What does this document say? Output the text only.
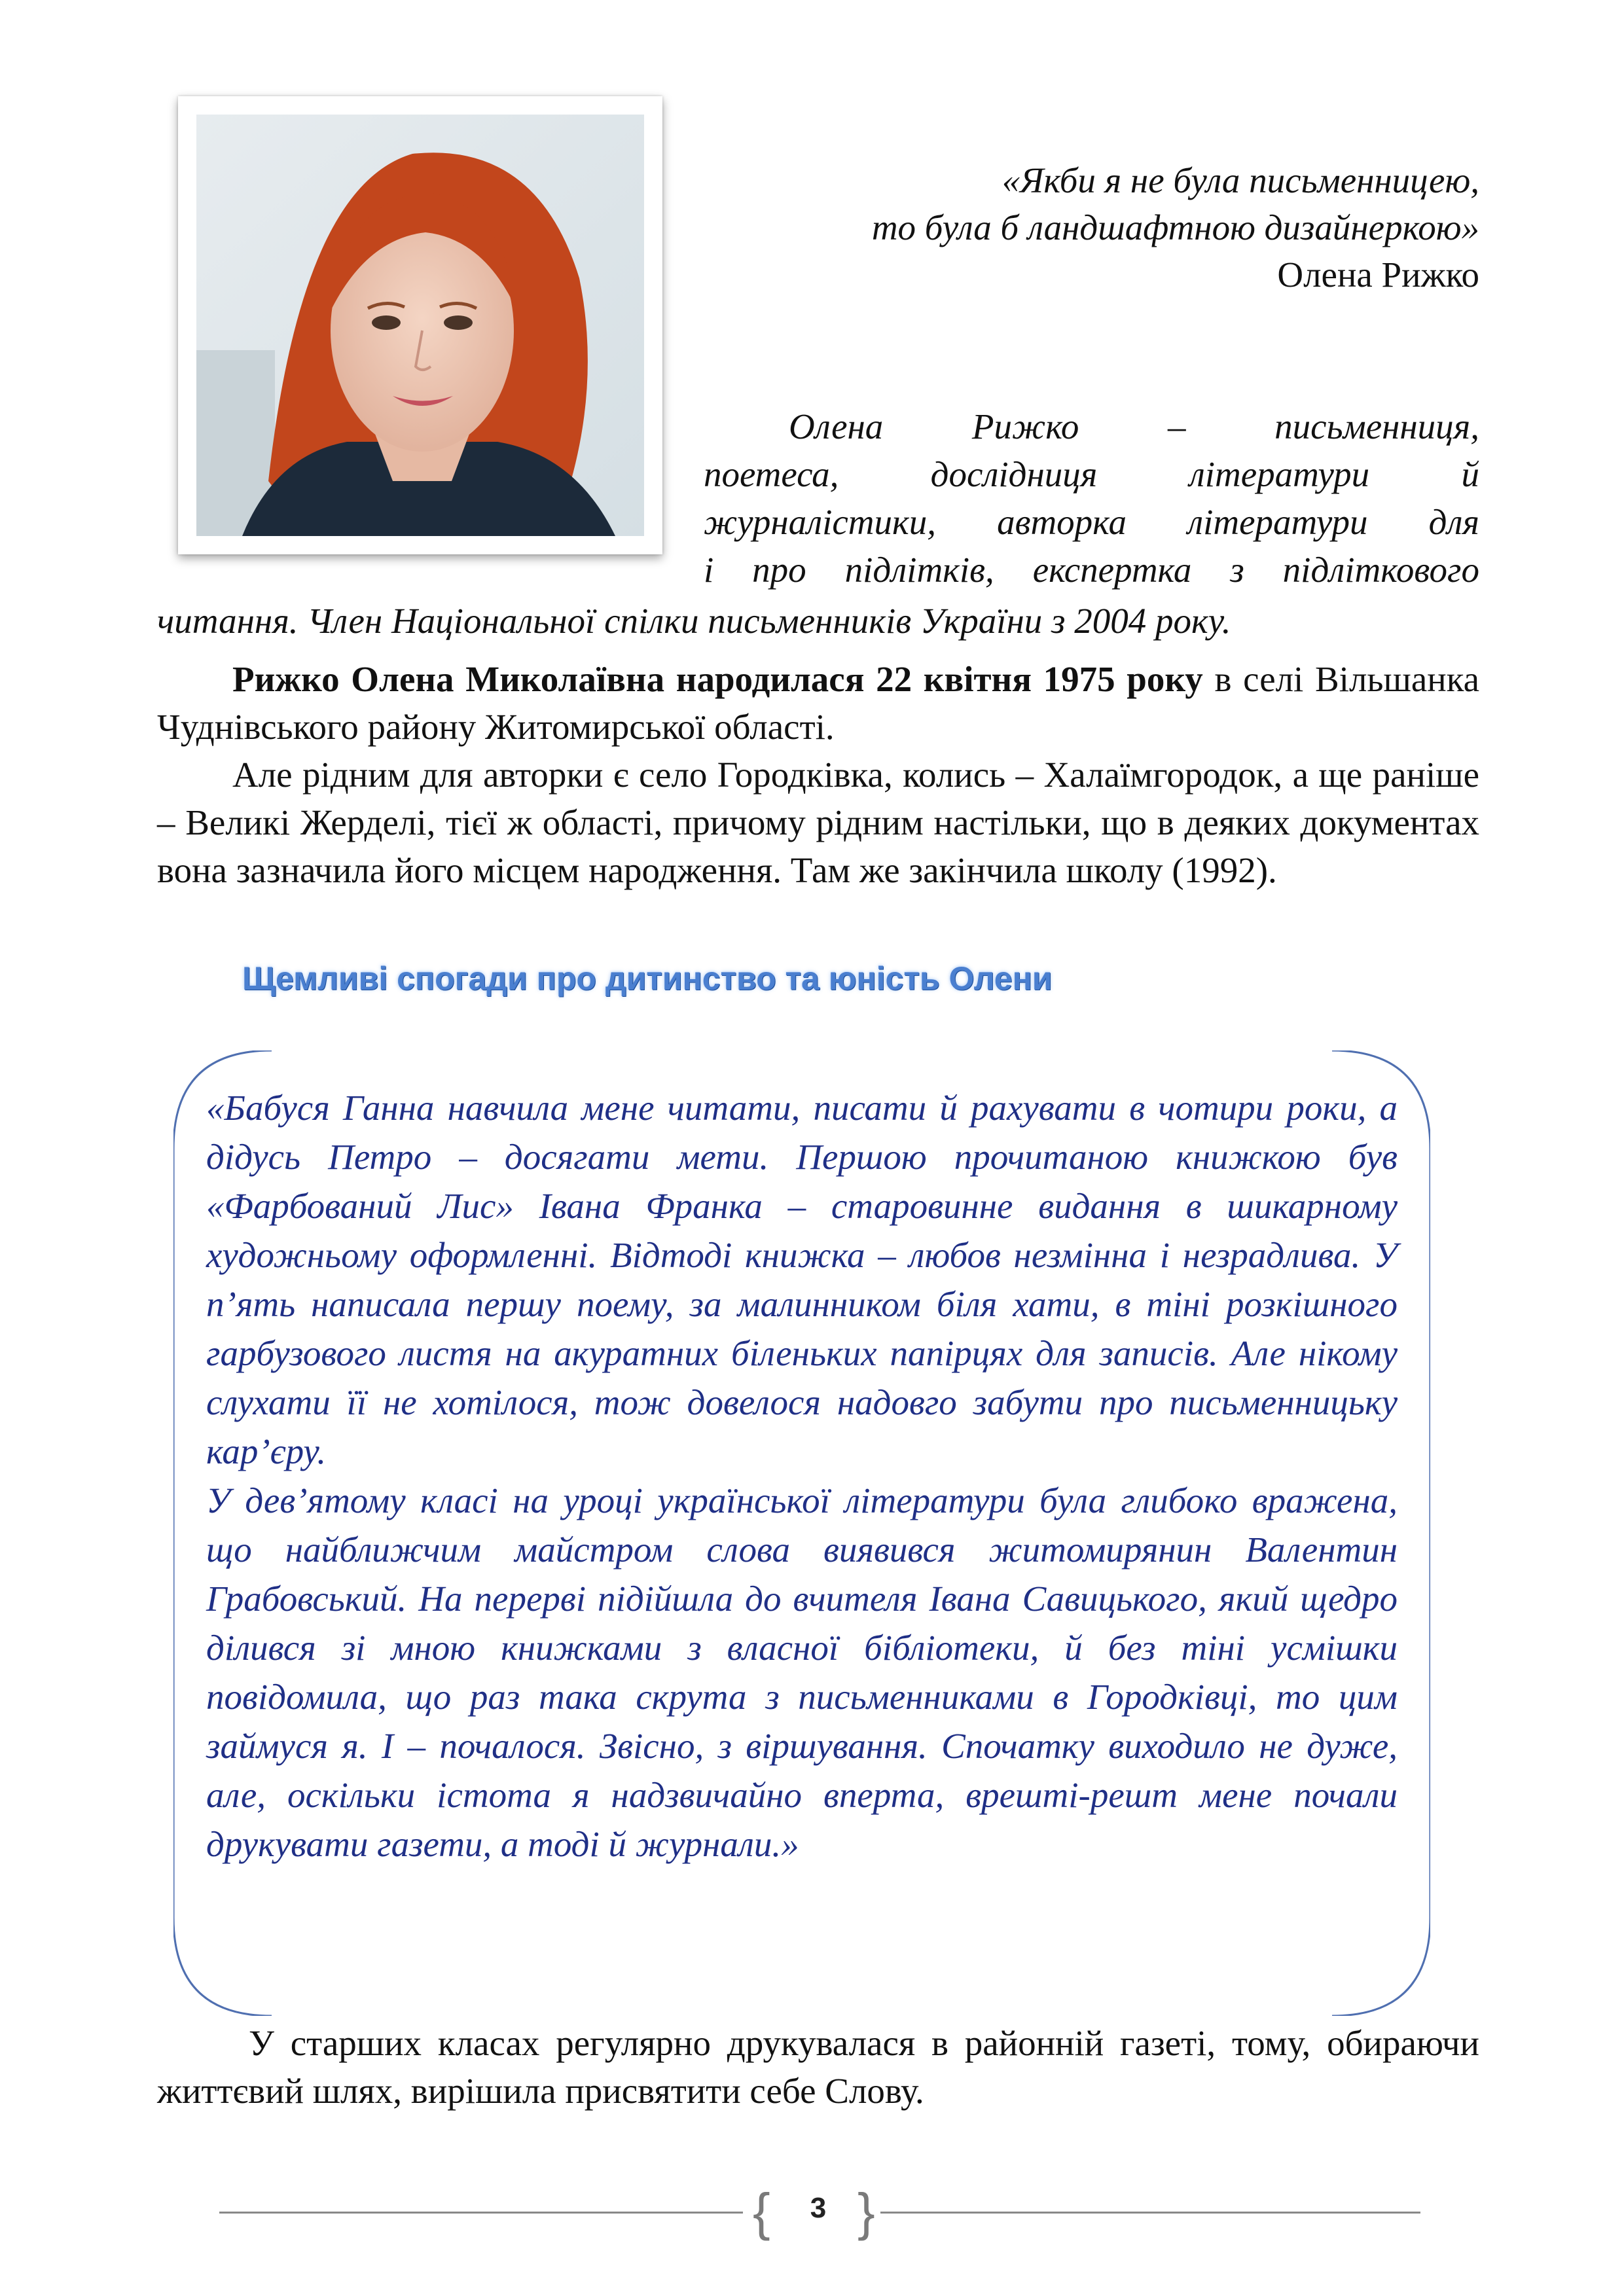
«Якби я не була письменницею,
то була б ландшафтною дизайнеркою»
Олена Рижко
Олена Рижко – письменниця,
поетеса, дослідниця літератури й
журналістики, авторка літератури для
і про підлітків, експертка з підліткового
читання. Член Національної спілки письменників України з 2004 року.
Рижко Олена Миколаївна народилася 22 квітня 1975 року в селі Вільшанка Чуднівського району Житомирської області.
Але рідним для авторки є село Городківка, колись – Халаїмгородок, а ще раніше – Великі Жерделі, тієї ж області, причому рідним настільки, що в деяких документах вона зазначила його місцем народження. Там же закінчила школу (1992).
Щемливі спогади про дитинство та юність Олени

«Бабуся Ганна навчила мене читати, писати й рахувати в чотири роки, а дідусь Петро – досягати мети. Першою прочитаною книжкою був «Фарбований Лис» Івана Франка – старовинне видання в шикарному художньому оформленні. Відтоді книжка – любов незмінна і незрадлива. У п’ять написала першу поему, за малинником біля хати, в тіні розкішного гарбузового листя на акуратних біленьких папірцях для записів. Але нікому слухати її не хотілося, тож довелося надовго забути про письменницьку кар’єру.

У дев’ятому класі на уроці української літератури була глибоко вражена, що найближчим майстром слова виявився житомирянин Валентин Грабовський. На перерві підійшла до вчителя Івана Савицького, який щедро ділився зі мною книжками з власної бібліотеки, й без тіні усмішки повідомила, що раз така скрута з письменниками в Городківці, то цим займуся я. І – почалося. Звісно, з віршування. Спочатку виходило не дуже, але, оскільки істота я надзвичайно вперта, врешті-решт мене почали друкувати газети, а тоді й журнали.»

У старших класах регулярно друкувалася в районній газеті, тому, обираючи життєвий шлях, вирішила присвятити себе Слову.
{	3 }
